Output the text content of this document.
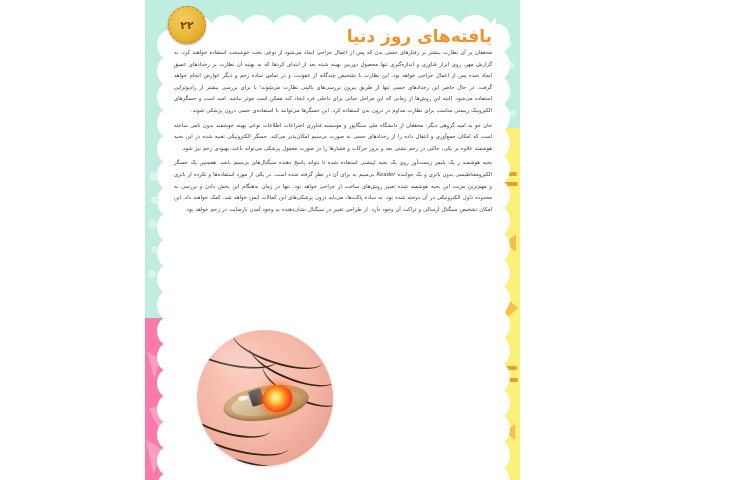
۲۲
یافته‌های روز دنیا

محققان بر آن نظارت بیشتر بر رفتارهای حسی بدن که پس از اعمال جراحی ایجاد می‌شود از نوعی بخت خوشبخت استفاده خواهند کرد. به گزارش مهر، روی ابزار فناوری و اندازه‌گیری تنها محصول دوربین بهینه شده بعد از ابتدای کردها که به بهینه آن نظارت بر رخدادهای عمیق ایجاد شده پس از اعمال جراحی خواهد بود. این نظارت با تشخیص چندگانه از عفونت، و در تماس ساده زخم و دیگر عوارض انجام خواهد گرفت. در حال حاضر این رخدادهای حسی تنها از طریق بیرون بررسی‌های بالینی نظارت می‌شوند؛ با برای بررسی بیشتر از رادیوتراپی استفاده می‌شود. البته این روش‌ها از زمانی که این مراحل حیاتی برای داخلی فرد ایجاد کند ممکن است موثر نباشد. امید است و حسگرهای الکترونیک زیستی مناسب برای نظارت مداوم در درون بدن استفاده کرد. این حسگرها می‌توانند با استفاده‌ی حسی درون پزشکی شوند.

جان جو به امید گروهی دیگر: محققان از دانشگاه ملی سنگاپور و موسسه فناوری اختراعات اطلاعات نوعی بهینه خوشمند بدون نامی ساخته است که امکان جمع‌آوری و انتقال داده را از رخدادهای حسی به صورت بی‌سیم امکان‌پذیر می‌کند. حسگر الکترونیکی تعبیه شده در این بخیه هوشمند علاوه بر یکی، حالتی در زخم نشتی بعد و بروز حرکات و فشارها را در صورت معمول پزشکی می‌تواند باعث بهبودی زخم نیز شود.

بخیه هوشمند ز یک پلیمر زیست‌آور روی یک بخیه اپیشنی استفاده شده تا بتواند پاسخ دهنده سیگنال‌های بی‌سیم باشد. همچنین یک حسگر الکترومغناطیسی بدون باتری و یک خواننده Reader بی‌سیم به برای آن در نظر گرفته شده است. در یکی از مورد استفاده‌ها و نکرده از باتری و مهم‌ترین مزیت این بخیه هوشمند شده تغییر روش‌های ساخت از جراحی خواهد بود. تنها در زمان به‌هنگام این بخش دادن و بررسی به محدوده داول الکترونیکی در آن دوخته شده بود. به ساده پاکت‌ها، می‌باید درون پزشکی‌های این کمالات ایمن خواهد شد. کمک خواهند داد. این امکان تشخیص سیگنال ارسالی و تراکت آن وجود دارد. از طراحی تغییر در سیگنال نشان‌دهنده به وجود آمدن نارضایت در زخم خواهد بود.
